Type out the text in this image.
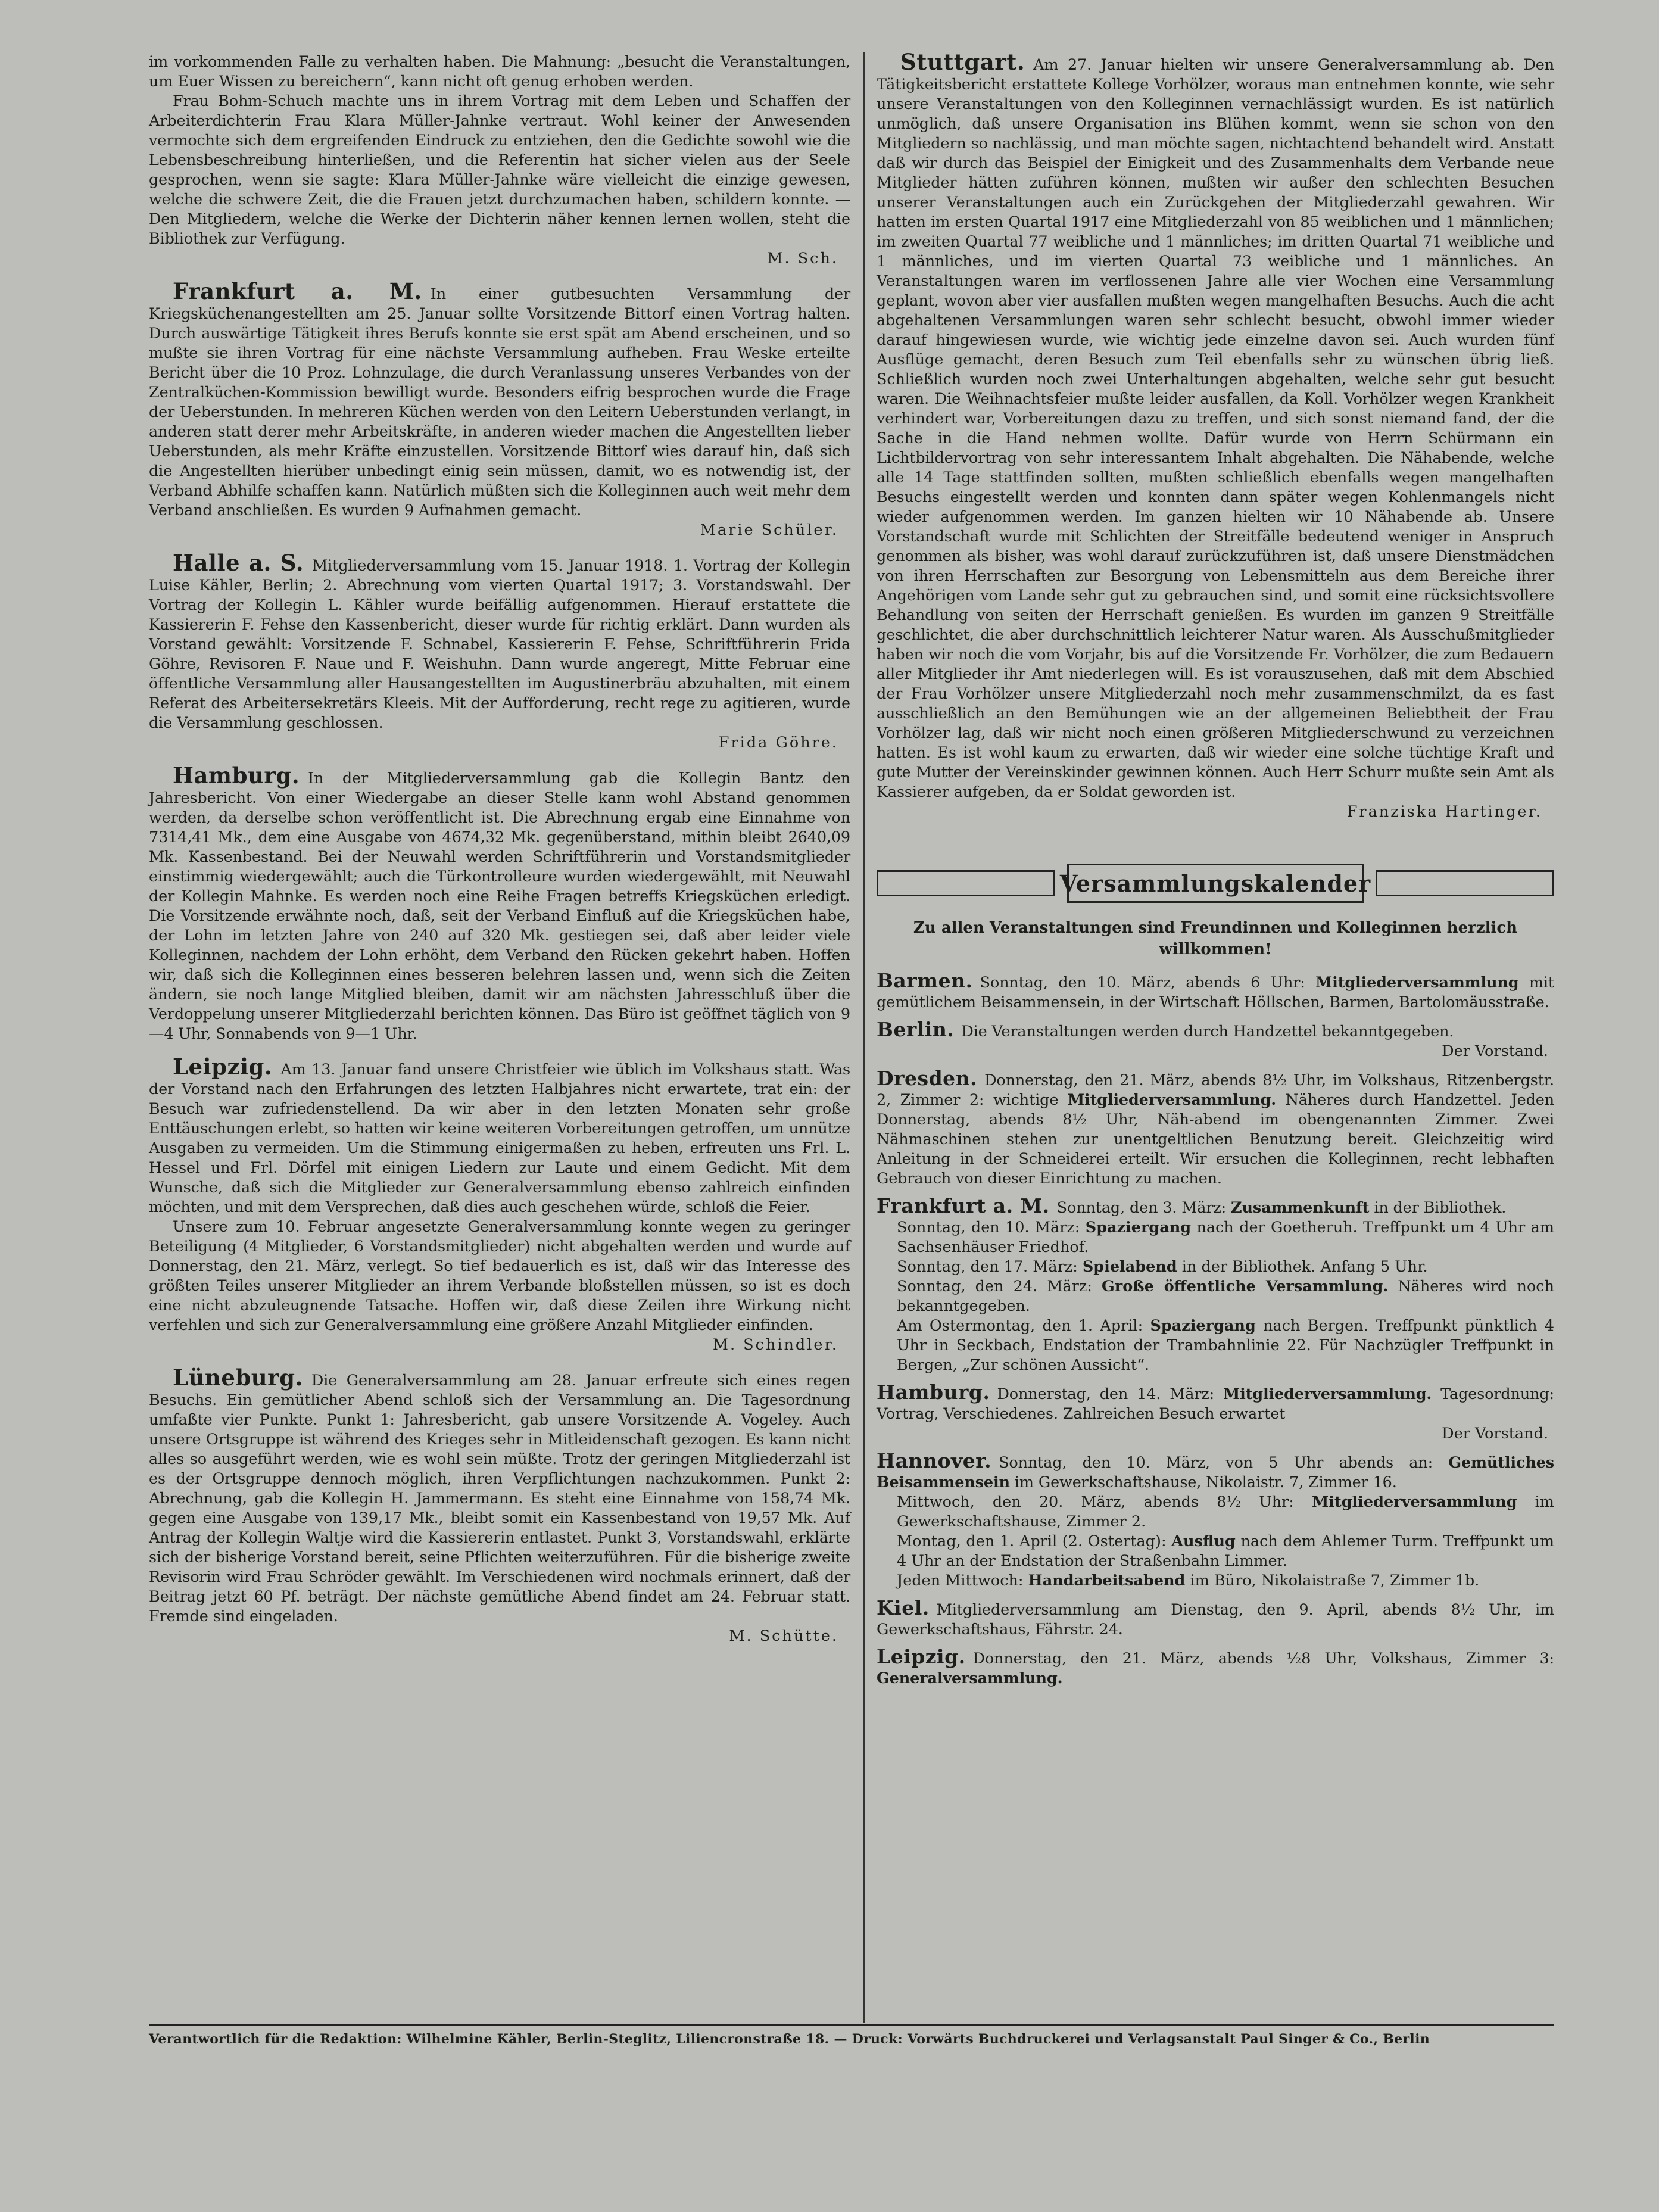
im vorkommenden Falle zu verhalten haben. Die Mahnung: „besucht die Veranstaltungen, um Euer Wissen zu bereichern“, kann nicht oft genug erhoben werden.

Frau Bohm-Schuch machte uns in ihrem Vortrag mit dem Leben und Schaffen der Arbeiterdichterin Frau Klara Müller-Jahnke vertraut. Wohl keiner der Anwesenden vermochte sich dem ergreifenden Eindruck zu entziehen, den die Gedichte sowohl wie die Lebensbeschreibung hinterließen, und die Referentin hat sicher vielen aus der Seele gesprochen, wenn sie sagte: Klara Müller-Jahnke wäre vielleicht die einzige gewesen, welche die schwere Zeit, die die Frauen jetzt durchzumachen haben, schildern konnte. — Den Mitgliedern, welche die Werke der Dichterin näher kennen lernen wollen, steht die Bibliothek zur Verfügung.

M. Sch.

Frankfurt a. M. In einer gutbesuchten Versammlung der Kriegsküchenangestellten am 25. Januar sollte Vorsitzende Bittorf einen Vortrag halten. Durch auswärtige Tätigkeit ihres Berufs konnte sie erst spät am Abend erscheinen, und so mußte sie ihren Vortrag für eine nächste Versammlung aufheben. Frau Weske erteilte Bericht über die 10 Proz. Lohnzulage, die durch Veranlassung unseres Verbandes von der Zentralküchen-Kommission bewilligt wurde. Besonders eifrig besprochen wurde die Frage der Ueberstunden. In mehreren Küchen werden von den Leitern Ueberstunden verlangt, in anderen statt derer mehr Arbeitskräfte, in anderen wieder machen die Angestellten lieber Ueberstunden, als mehr Kräfte einzustellen. Vorsitzende Bittorf wies darauf hin, daß sich die Angestellten hierüber unbedingt einig sein müssen, damit, wo es notwendig ist, der Verband Abhilfe schaffen kann. Natürlich müßten sich die Kolleginnen auch weit mehr dem Verband anschließen. Es wurden 9 Aufnahmen gemacht.

Marie Schüler.

Halle a. S. Mitgliederversammlung vom 15. Januar 1918. 1. Vortrag der Kollegin Luise Kähler, Berlin; 2. Abrechnung vom vierten Quartal 1917; 3. Vorstandswahl. Der Vortrag der Kollegin L. Kähler wurde beifällig aufgenommen. Hierauf erstattete die Kassiererin F. Fehse den Kassenbericht, dieser wurde für richtig erklärt. Dann wurden als Vorstand gewählt: Vorsitzende F. Schnabel, Kassiererin F. Fehse, Schriftführerin Frida Göhre, Revisoren F. Naue und F. Weishuhn. Dann wurde angeregt, Mitte Februar eine öffentliche Versammlung aller Hausangestellten im Augustinerbräu abzuhalten, mit einem Referat des Arbeitersekretärs Kleeis. Mit der Aufforderung, recht rege zu agitieren, wurde die Versammlung geschlossen.

Frida Göhre.

Hamburg. In der Mitgliederversammlung gab die Kollegin Bantz den Jahresbericht. Von einer Wiedergabe an dieser Stelle kann wohl Abstand genommen werden, da derselbe schon veröffentlicht ist. Die Abrechnung ergab eine Einnahme von 7314,41 Mk., dem eine Ausgabe von 4674,32 Mk. gegenüberstand, mithin bleibt 2640,09 Mk. Kassenbestand. Bei der Neuwahl werden Schriftführerin und Vorstandsmitglieder einstimmig wiedergewählt; auch die Türkontrolleure wurden wiedergewählt, mit Neuwahl der Kollegin Mahnke. Es werden noch eine Reihe Fragen betreffs Kriegsküchen erledigt. Die Vorsitzende erwähnte noch, daß, seit der Verband Einfluß auf die Kriegsküchen habe, der Lohn im letzten Jahre von 240 auf 320 Mk. gestiegen sei, daß aber leider viele Kolleginnen, nachdem der Lohn erhöht, dem Verband den Rücken gekehrt haben. Hoffen wir, daß sich die Kolleginnen eines besseren belehren lassen und, wenn sich die Zeiten ändern, sie noch lange Mitglied bleiben, damit wir am nächsten Jahresschluß über die Verdoppelung unserer Mitgliederzahl berichten können. Das Büro ist geöffnet täglich von 9—4 Uhr, Sonnabends von 9—1 Uhr.

Leipzig. Am 13. Januar fand unsere Christfeier wie üblich im Volkshaus statt. Was der Vorstand nach den Erfahrungen des letzten Halbjahres nicht erwartete, trat ein: der Besuch war zufriedenstellend. Da wir aber in den letzten Monaten sehr große Enttäuschungen erlebt, so hatten wir keine weiteren Vorbereitungen getroffen, um unnütze Ausgaben zu vermeiden. Um die Stimmung einigermaßen zu heben, erfreuten uns Frl. L. Hessel und Frl. Dörfel mit einigen Liedern zur Laute und einem Gedicht. Mit dem Wunsche, daß sich die Mitglieder zur Generalversammlung ebenso zahlreich einfinden möchten, und mit dem Versprechen, daß dies auch geschehen würde, schloß die Feier.

Unsere zum 10. Februar angesetzte Generalversammlung konnte wegen zu geringer Beteiligung (4 Mitglieder, 6 Vorstandsmitglieder) nicht abgehalten werden und wurde auf Donnerstag, den 21. März, verlegt. So tief bedauerlich es ist, daß wir das Interesse des größten Teiles unserer Mitglieder an ihrem Verbande bloßstellen müssen, so ist es doch eine nicht abzuleugnende Tatsache. Hoffen wir, daß diese Zeilen ihre Wirkung nicht verfehlen und sich zur Generalversammlung eine größere Anzahl Mitglieder einfinden.

M. Schindler.

Lüneburg. Die Generalversammlung am 28. Januar erfreute sich eines regen Besuchs. Ein gemütlicher Abend schloß sich der Versammlung an. Die Tagesordnung umfaßte vier Punkte. Punkt 1: Jahresbericht, gab unsere Vorsitzende A. Vogeley. Auch unsere Ortsgruppe ist während des Krieges sehr in Mitleidenschaft gezogen. Es kann nicht alles so ausgeführt werden, wie es wohl sein müßte. Trotz der geringen Mitgliederzahl ist es der Ortsgruppe dennoch möglich, ihren Verpflichtungen nachzukommen. Punkt 2: Abrechnung, gab die Kollegin H. Jammermann. Es steht eine Einnahme von 158,74 Mk. gegen eine Ausgabe von 139,17 Mk., bleibt somit ein Kassenbestand von 19,57 Mk. Auf Antrag der Kollegin Waltje wird die Kassiererin entlastet. Punkt 3, Vorstandswahl, erklärte sich der bisherige Vorstand bereit, seine Pflichten weiterzuführen. Für die bisherige zweite Revisorin wird Frau Schröder gewählt. Im Verschiedenen wird nochmals erinnert, daß der Beitrag jetzt 60 Pf. beträgt. Der nächste gemütliche Abend findet am 24. Februar statt. Fremde sind eingeladen.

M. Schütte.

Stuttgart. Am 27. Januar hielten wir unsere Generalversammlung ab. Den Tätigkeitsbericht erstattete Kollege Vorhölzer, woraus man entnehmen konnte, wie sehr unsere Veranstaltungen von den Kolleginnen vernachlässigt wurden. Es ist natürlich unmöglich, daß unsere Organisation ins Blühen kommt, wenn sie schon von den Mitgliedern so nachlässig, und man möchte sagen, nichtachtend behandelt wird. Anstatt daß wir durch das Beispiel der Einigkeit und des Zusammenhalts dem Verbande neue Mitglieder hätten zuführen können, mußten wir außer den schlechten Besuchen unserer Veranstaltungen auch ein Zurückgehen der Mitgliederzahl gewahren. Wir hatten im ersten Quartal 1917 eine Mitgliederzahl von 85 weiblichen und 1 männlichen; im zweiten Quartal 77 weibliche und 1 männliches; im dritten Quartal 71 weibliche und 1 männliches, und im vierten Quartal 73 weibliche und 1 männliches. An Veranstaltungen waren im verflossenen Jahre alle vier Wochen eine Versammlung geplant, wovon aber vier ausfallen mußten wegen mangelhaften Besuchs. Auch die acht abgehaltenen Versammlungen waren sehr schlecht besucht, obwohl immer wieder darauf hingewiesen wurde, wie wichtig jede einzelne davon sei. Auch wurden fünf Ausflüge gemacht, deren Besuch zum Teil ebenfalls sehr zu wünschen übrig ließ. Schließlich wurden noch zwei Unterhaltungen abgehalten, welche sehr gut besucht waren. Die Weihnachtsfeier mußte leider ausfallen, da Koll. Vorhölzer wegen Krankheit verhindert war, Vorbereitungen dazu zu treffen, und sich sonst niemand fand, der die Sache in die Hand nehmen wollte. Dafür wurde von Herrn Schürmann ein Lichtbildervortrag von sehr interessantem Inhalt abgehalten. Die Nähabende, welche alle 14 Tage stattfinden sollten, mußten schließlich ebenfalls wegen mangelhaften Besuchs eingestellt werden und konnten dann später wegen Kohlenmangels nicht wieder aufgenommen werden. Im ganzen hielten wir 10 Nähabende ab. Unsere Vorstandschaft wurde mit Schlichten der Streitfälle bedeutend weniger in Anspruch genommen als bisher, was wohl darauf zurückzuführen ist, daß unsere Dienstmädchen von ihren Herrschaften zur Besorgung von Lebensmitteln aus dem Bereiche ihrer Angehörigen vom Lande sehr gut zu gebrauchen sind, und somit eine rücksichtsvollere Behandlung von seiten der Herrschaft genießen. Es wurden im ganzen 9 Streitfälle geschlichtet, die aber durchschnittlich leichterer Natur waren. Als Ausschußmitglieder haben wir noch die vom Vorjahr, bis auf die Vorsitzende Fr. Vorhölzer, die zum Bedauern aller Mitglieder ihr Amt niederlegen will. Es ist vorauszusehen, daß mit dem Abschied der Frau Vorhölzer unsere Mitgliederzahl noch mehr zusammenschmilzt, da es fast ausschließlich an den Bemühungen wie an der allgemeinen Beliebtheit der Frau Vorhölzer lag, daß wir nicht noch einen größeren Mitgliederschwund zu verzeichnen hatten. Es ist wohl kaum zu erwarten, daß wir wieder eine solche tüchtige Kraft und gute Mutter der Vereinskinder gewinnen können. Auch Herr Schurr mußte sein Amt als Kassierer aufgeben, da er Soldat geworden ist.

Franziska Hartinger.
Versammlungskalender
Zu allen Veranstaltungen sind Freundinnen und Kolleginnen herzlich willkommen!

Barmen. Sonntag, den 10. März, abends 6 Uhr: Mitgliederversammlung mit gemütlichem Beisammensein, in der Wirtschaft Höllschen, Barmen, Bartolomäusstraße.

Berlin. Die Veranstaltungen werden durch Handzettel bekanntgegeben.

Der Vorstand.

Dresden. Donnerstag, den 21. März, abends 8½ Uhr, im Volkshaus, Ritzenbergstr. 2, Zimmer 2: wichtige Mitgliederversammlung. Näheres durch Handzettel. Jeden Donnerstag, abends 8½ Uhr, Näh-abend im obengenannten Zimmer. Zwei Nähmaschinen stehen zur unentgeltlichen Benutzung bereit. Gleichzeitig wird Anleitung in der Schneiderei erteilt. Wir ersuchen die Kolleginnen, recht lebhaften Gebrauch von dieser Einrichtung zu machen.

Frankfurt a. M. Sonntag, den 3. März: Zusammenkunft in der Bibliothek.

Sonntag, den 10. März: Spaziergang nach der Goetheruh. Treffpunkt um 4 Uhr am Sachsenhäuser Friedhof.
Sonntag, den 17. März: Spielabend in der Bibliothek. Anfang 5 Uhr.
Sonntag, den 24. März: Große öffentliche Versammlung. Näheres wird noch bekanntgegeben.
Am Ostermontag, den 1. April: Spaziergang nach Bergen. Treffpunkt pünktlich 4 Uhr in Seckbach, Endstation der Trambahnlinie 22. Für Nachzügler Treffpunkt in Bergen, „Zur schönen Aussicht“.

Hamburg. Donnerstag, den 14. März: Mitgliederversammlung. Tagesordnung: Vortrag, Verschiedenes. Zahlreichen Besuch erwartet

Der Vorstand.

Hannover. Sonntag, den 10. März, von 5 Uhr abends an: Gemütliches Beisammensein im Gewerkschaftshause, Nikolaistr. 7, Zimmer 16.

Mittwoch, den 20. März, abends 8½ Uhr: Mitgliederversammlung im Gewerkschaftshause, Zimmer 2.
Montag, den 1. April (2. Ostertag): Ausflug nach dem Ahlemer Turm. Treffpunkt um 4 Uhr an der Endstation der Straßenbahn Limmer.
Jeden Mittwoch: Handarbeitsabend im Büro, Nikolaistraße 7, Zimmer 1b.

Kiel. Mitgliederversammlung am Dienstag, den 9. April, abends 8½ Uhr, im Gewerkschaftshaus, Fährstr. 24.

Leipzig. Donnerstag, den 21. März, abends ½8 Uhr, Volkshaus, Zimmer 3: Generalversammlung.

Verantwortlich für die Redaktion: Wilhelmine Kähler, Berlin-Steglitz, Liliencronstraße 18. — Druck: Vorwärts Buchdruckerei und Verlagsanstalt Paul Singer & Co., Berlin
